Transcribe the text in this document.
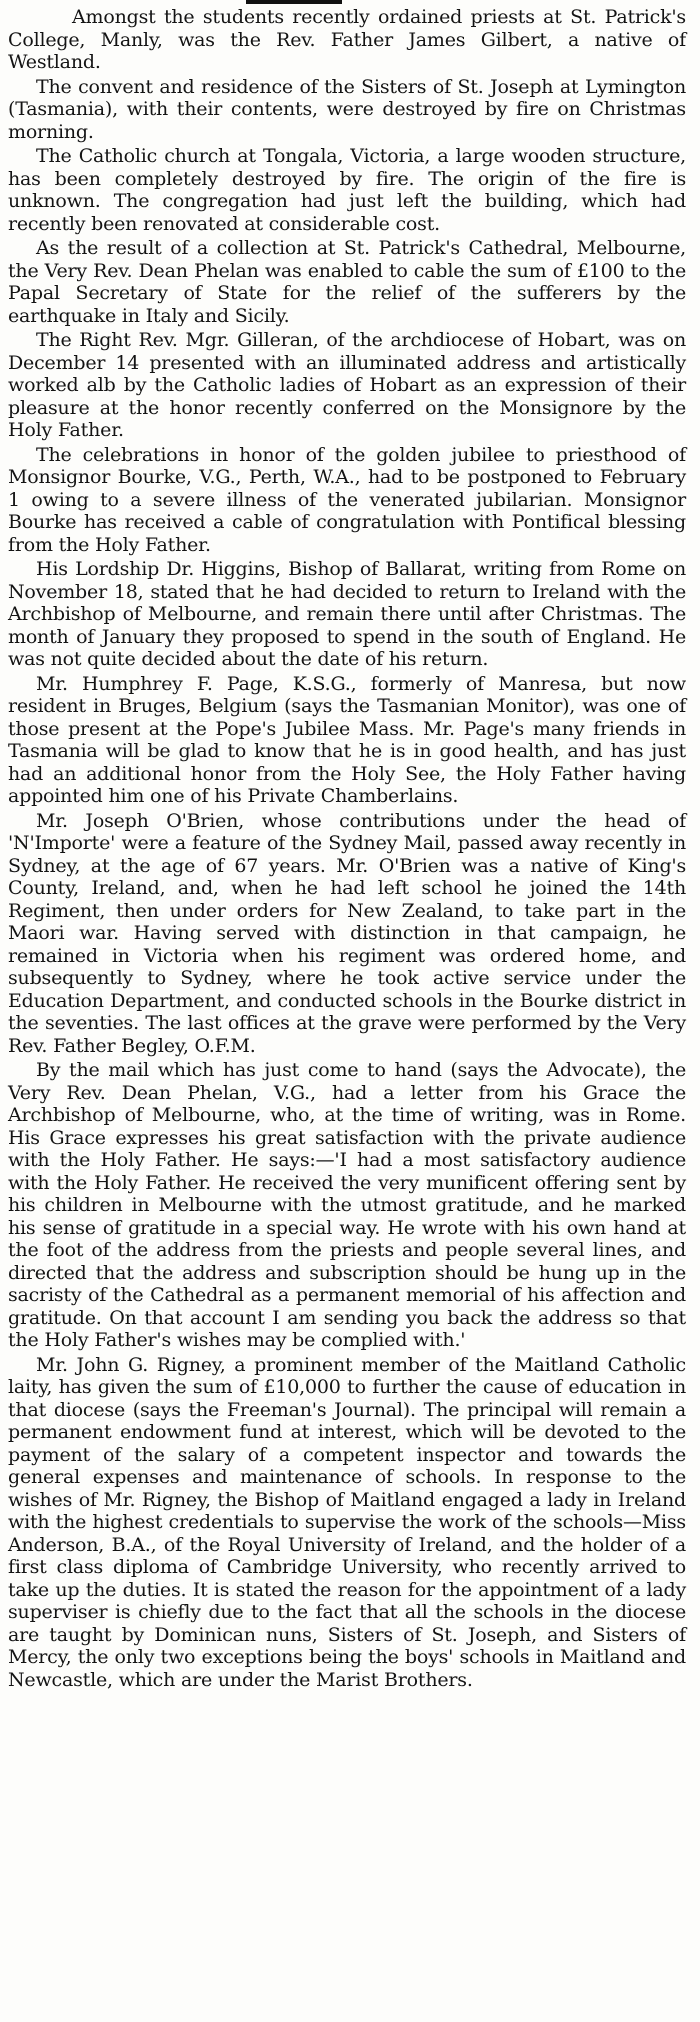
Amongst the students recently ordained priests at St. Patrick's College, Manly, was the Rev. Father James Gilbert, a native of Westland.

The convent and residence of the Sisters of St. Joseph at Lymington (Tasmania), with their contents, were destroyed by fire on Christmas morning.

The Catholic church at Tongala, Victoria, a large wooden structure, has been completely destroyed by fire. The origin of the fire is unknown. The congregation had just left the building, which had recently been renovated at considerable cost.

As the result of a collection at St. Patrick's Cathedral, Melbourne, the Very Rev. Dean Phelan was enabled to cable the sum of £100 to the Papal Secretary of State for the relief of the sufferers by the earthquake in Italy and Sicily.

The Right Rev. Mgr. Gilleran, of the archdiocese of Hobart, was on December 14 presented with an illuminated address and artistically worked alb by the Catholic ladies of Hobart as an expression of their pleasure at the honor recently conferred on the Monsignore by the Holy Father.

The celebrations in honor of the golden jubilee to priesthood of Monsignor Bourke, V.G., Perth, W.A., had to be postponed to February 1 owing to a severe illness of the venerated jubilarian. Monsignor Bourke has received a cable of congratulation with Pontifical blessing from the Holy Father.

His Lordship Dr. Higgins, Bishop of Ballarat, writing from Rome on November 18, stated that he had decided to return to Ireland with the Archbishop of Melbourne, and remain there until after Christmas. The month of January they proposed to spend in the south of England. He was not quite decided about the date of his return.

Mr. Humphrey F. Page, K.S.G., formerly of Manresa, but now resident in Bruges, Belgium (says the Tasmanian Monitor), was one of those present at the Pope's Jubilee Mass. Mr. Page's many friends in Tasmania will be glad to know that he is in good health, and has just had an additional honor from the Holy See, the Holy Father having appointed him one of his Private Chamberlains.

Mr. Joseph O'Brien, whose contributions under the head of 'N'Importe' were a feature of the Sydney Mail, passed away recently in Sydney, at the age of 67 years. Mr. O'Brien was a native of King's County, Ireland, and, when he had left school he joined the 14th Regiment, then under orders for New Zealand, to take part in the Maori war. Having served with distinction in that campaign, he remained in Victoria when his regiment was ordered home, and subsequently to Sydney, where he took active service under the Education Department, and conducted schools in the Bourke district in the seventies. The last offices at the grave were performed by the Very Rev. Father Begley, O.F.M.

By the mail which has just come to hand (says the Advocate), the Very Rev. Dean Phelan, V.G., had a letter from his Grace the Archbishop of Melbourne, who, at the time of writing, was in Rome. His Grace expresses his great satisfaction with the private audience with the Holy Father. He says:—'I had a most satisfactory audience with the Holy Father. He received the very munificent offering sent by his children in Melbourne with the utmost gratitude, and he marked his sense of gratitude in a special way. He wrote with his own hand at the foot of the address from the priests and people several lines, and directed that the address and subscription should be hung up in the sacristy of the Cathedral as a permanent memorial of his affection and gratitude. On that account I am sending you back the address so that the Holy Father's wishes may be complied with.'

Mr. John G. Rigney, a prominent member of the Maitland Catholic laity, has given the sum of £10,000 to further the cause of education in that diocese (says the Freeman's Journal). The principal will remain a permanent endowment fund at interest, which will be devoted to the payment of the salary of a competent inspector and towards the general expenses and maintenance of schools. In response to the wishes of Mr. Rigney, the Bishop of Maitland engaged a lady in Ireland with the highest credentials to supervise the work of the schools—Miss Anderson, B.A., of the Royal University of Ireland, and the holder of a first class diploma of Cambridge University, who recently arrived to take up the duties. It is stated the reason for the appointment of a lady superviser is chiefly due to the fact that all the schools in the diocese are taught by Dominican nuns, Sisters of St. Joseph, and Sisters of Mercy, the only two exceptions being the boys' schools in Maitland and Newcastle, which are under the Marist Brothers.
